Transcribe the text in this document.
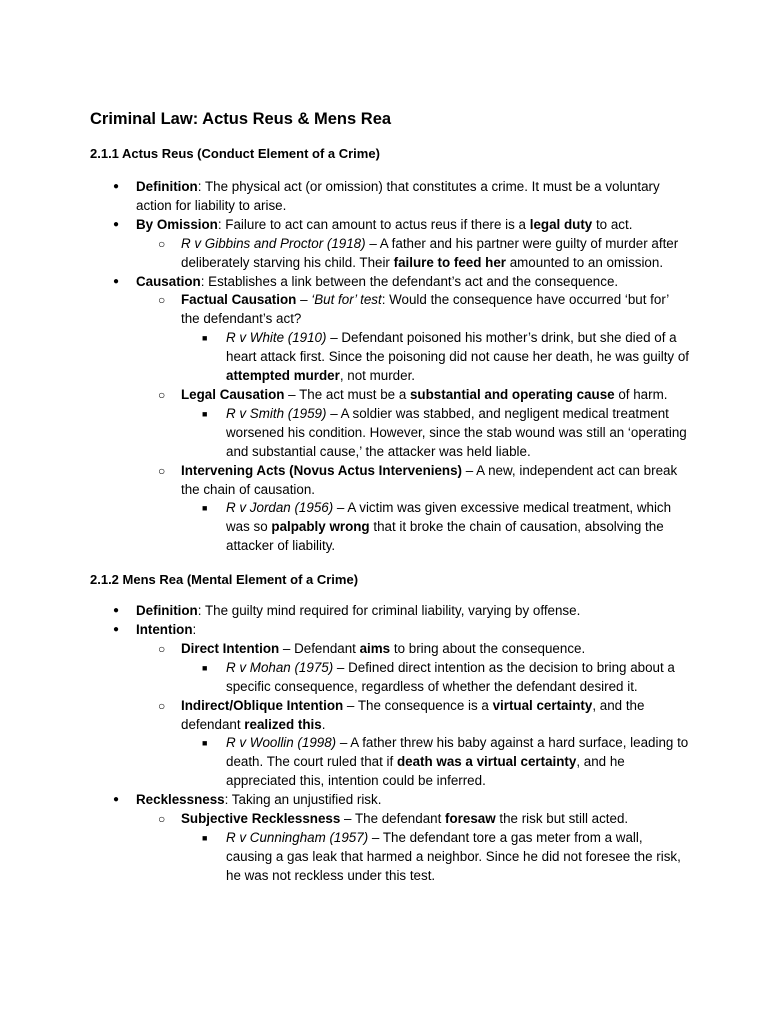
Criminal Law: Actus Reus & Mens Rea
2.1.1 Actus Reus (Conduct Element of a Crime)
● Definition: The physical act (or omission) that constitutes a crime. It must be a voluntary action for liability to arise.
● By Omission: Failure to act can amount to actus reus if there is a legal duty to act.
○ R v Gibbins and Proctor (1918) – A father and his partner were guilty of murder after deliberately starving his child. Their failure to feed her amounted to an omission.
● Causation: Establishes a link between the defendant’s act and the consequence.
○ Factual Causation – ‘But for’ test: Would the consequence have occurred ‘but for’ the defendant’s act?
■ R v White (1910) – Defendant poisoned his mother’s drink, but she died of a heart attack first. Since the poisoning did not cause her death, he was guilty of attempted murder, not murder.
○ Legal Causation – The act must be a substantial and operating cause of harm.
■ R v Smith (1959) – A soldier was stabbed, and negligent medical treatment worsened his condition. However, since the stab wound was still an ‘operating and substantial cause,’ the attacker was held liable.
○ Intervening Acts (Novus Actus Interveniens) – A new, independent act can break the chain of causation.
■ R v Jordan (1956) – A victim was given excessive medical treatment, which was so palpably wrong that it broke the chain of causation, absolving the attacker of liability.
2.1.2 Mens Rea (Mental Element of a Crime)
● Definition: The guilty mind required for criminal liability, varying by offense.
● Intention:
○ Direct Intention – Defendant aims to bring about the consequence.
■ R v Mohan (1975) – Defined direct intention as the decision to bring about a specific consequence, regardless of whether the defendant desired it.
○ Indirect/Oblique Intention – The consequence is a virtual certainty, and the defendant realized this.
■ R v Woollin (1998) – A father threw his baby against a hard surface, leading to death. The court ruled that if death was a virtual certainty, and he appreciated this, intention could be inferred.
● Recklessness: Taking an unjustified risk.
○ Subjective Recklessness – The defendant foresaw the risk but still acted.
■ R v Cunningham (1957) – The defendant tore a gas meter from a wall, causing a gas leak that harmed a neighbor. Since he did not foresee the risk, he was not reckless under this test.
